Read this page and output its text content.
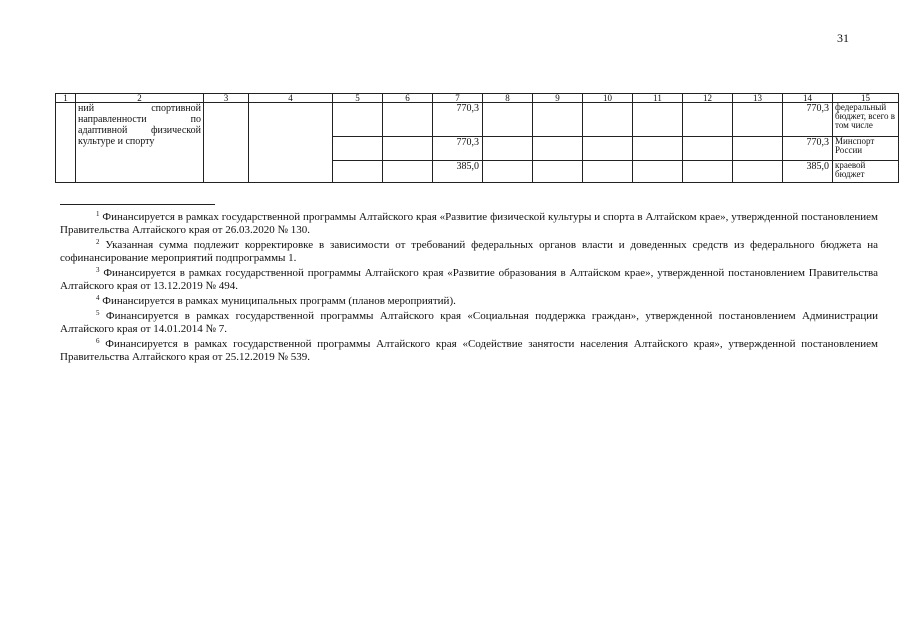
31
1	2	3	4	5	6	7	8	9	10	11	12	13	14	15
	ний спортивной направленности по адаптивной физической культуре и спорту					770,3							770,3	федеральный бюджет, всего в том числе
						770,3							770,3	Минспорт России
						385,0							385,0	краевой бюджет

$^1$ Финансируется в рамках государственной программы Алтайского края «Развитие физической культуры и спорта в Алтайском крае», утвержденной постановлением Правительства Алтайского края от 26.03.2020 № 130.

$^2$ Указанная сумма подлежит корректировке в зависимости от требований федеральных органов власти и доведенных средств из федерального бюджета на софинансирование мероприятий подпрограммы 1.

$^3$ Финансируется в рамках государственной программы Алтайского края «Развитие образования в Алтайском крае», утвержденной постановлением Правительства Алтайского края от 13.12.2019 № 494.

$^4$ Финансируется в рамках муниципальных программ (планов мероприятий).

$^5$ Финансируется в рамках государственной программы Алтайского края «Социальная поддержка граждан», утвержденной постановлением Администрации Алтайского края от 14.01.2014 № 7.

$^6$ Финансируется в рамках государственной программы Алтайского края «Содействие занятости населения Алтайского края», утвержденной постановлением Правительства Алтайского края от 25.12.2019 № 539.
